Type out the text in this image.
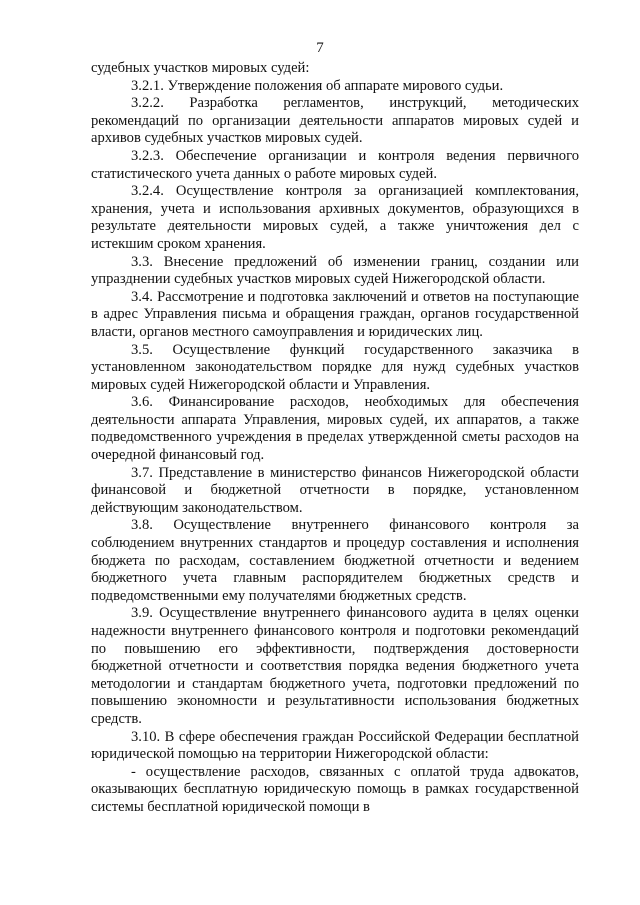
7

судебных участков мировых судей:

3.2.1. Утверждение положения об аппарате мирового судьи.

3.2.2. Разработка регламентов, инструкций, методических рекомендаций по организации деятельности аппаратов мировых судей и архивов судебных участков мировых судей.

3.2.3. Обеспечение организации и контроля ведения первичного статистического учета данных о работе мировых судей.

3.2.4. Осуществление контроля за организацией комплектования, хранения, учета и использования архивных документов, образующихся в результате деятельности мировых судей, а также уничтожения дел с истекшим сроком хранения.

3.3. Внесение предложений об изменении границ, создании или упразднении судебных участков мировых судей Нижегородской области.

3.4. Рассмотрение и подготовка заключений и ответов на поступающие в адрес Управления письма и обращения граждан, органов государственной власти, органов местного самоуправления и юридических лиц.

3.5. Осуществление функций государственного заказчика в установленном законодательством порядке для нужд судебных участков мировых судей Нижегородской области и Управления.

3.6. Финансирование расходов, необходимых для обеспечения деятельности аппарата Управления, мировых судей, их аппаратов, а также подведомственного учреждения в пределах утвержденной сметы расходов на очередной финансовый год.

3.7. Представление в министерство финансов Нижегородской области финансовой и бюджетной отчетности в порядке, установленном действующим законодательством.

3.8. Осуществление внутреннего финансового контроля за соблюдением внутренних стандартов и процедур составления и исполнения бюджета по расходам, составлением бюджетной отчетности и ведением бюджетного учета главным распорядителем бюджетных средств и подведомственными ему получателями бюджетных средств.

3.9. Осуществление внутреннего финансового аудита в целях оценки надежности внутреннего финансового контроля и подготовки рекомендаций по повышению его эффективности, подтверждения достоверности бюджетной отчетности и соответствия порядка ведения бюджетного учета методологии и стандартам бюджетного учета, подготовки предложений по повышению экономности и результативности использования бюджетных средств.

3.10. В сфере обеспечения граждан Российской Федерации бесплатной юридической помощью на территории Нижегородской области:

- осуществление расходов, связанных с оплатой труда адвокатов, оказывающих бесплатную юридическую помощь в рамках государственной системы бесплатной юридической помощи в
